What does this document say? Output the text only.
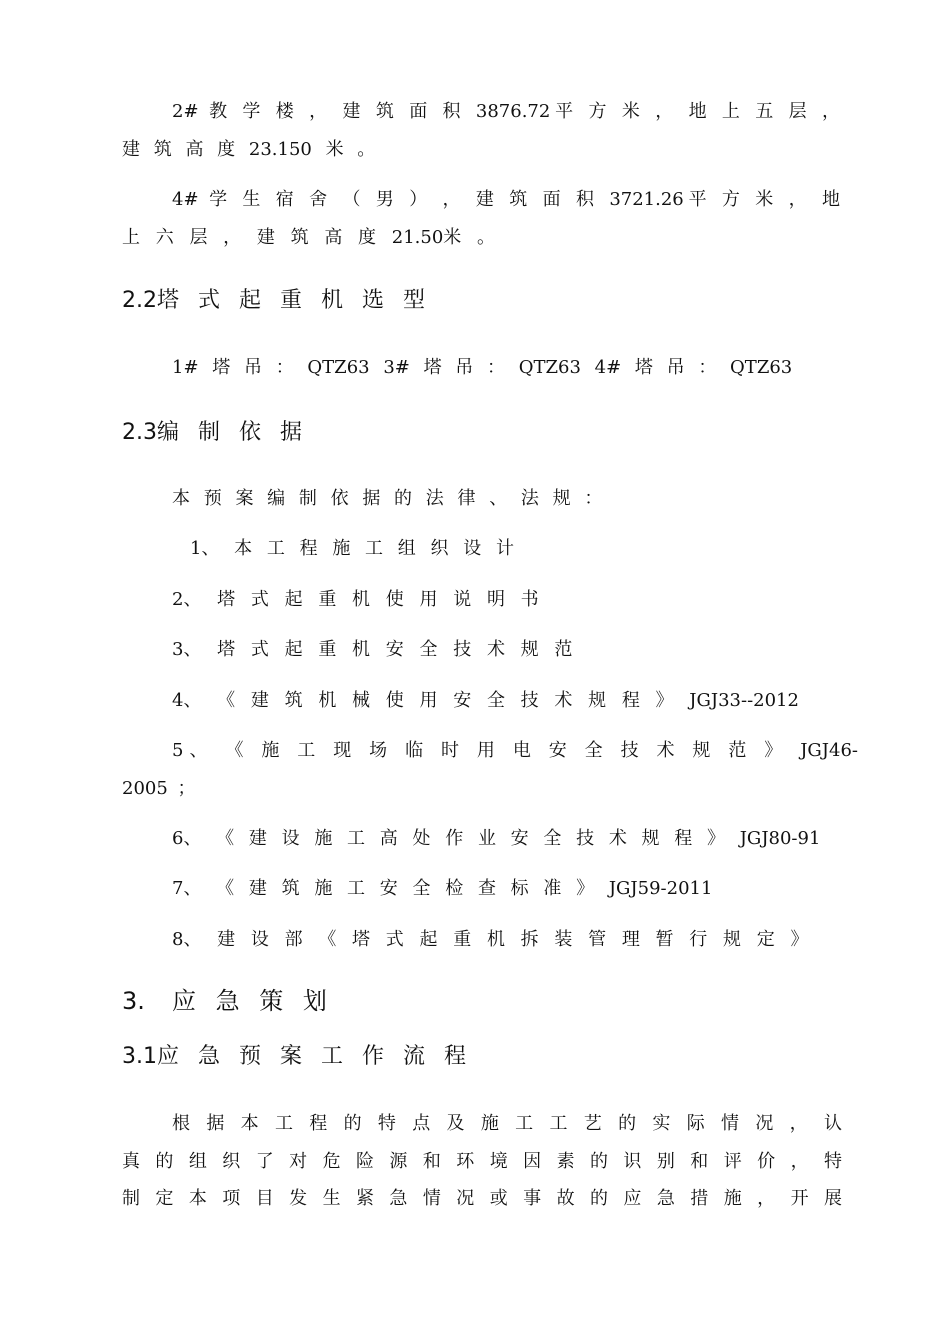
2# 教 学 楼 ， 建 筑 面 积 3876.72平 方 米 ， 地 上 五 层 ，
建 筑 高 度 23.150 米 。
4# 学 生 宿 舍 （ 男 ） ， 建 筑 面 积 3721.26平 方 米 ， 地
上 六 层 ， 建 筑 高 度 21.50米 。
2.2塔 式 起 重 机 选 型
1# 塔 吊 ： QTZ63 3# 塔 吊 ： QTZ63 4# 塔 吊 ： QTZ63
2.3编 制 依 据
本 预 案 编 制 依 据 的 法 律 、 法 规 ：
1、 本 工 程 施 工 组 织 设 计
2、 塔 式 起 重 机 使 用 说 明 书
3、 塔 式 起 重 机 安 全 技 术 规 范
4、 《 建 筑 机 械 使 用 安 全 技 术 规 程 》 JGJ33--2012
5、 《 施 工 现 场 临 时 用 电 安 全 技 术 规 范 》 JGJ46-
2005 ；
6、 《 建 设 施 工 高 处 作 业 安 全 技 术 规 程 》 JGJ80-91
7、 《 建 筑 施 工 安 全 检 查 标 准 》 JGJ59-2011
8、 建 设 部 《 塔 式 起 重 机 拆 装 管 理 暂 行 规 定 》
3. 应 急 策 划
3.1应 急 预 案 工 作 流 程
根 据 本 工 程 的 特 点 及 施 工 工 艺 的 实 际 情 况 ， 认
真 的 组 织 了 对 危 险 源 和 环 境 因 素 的 识 别 和 评 价 ， 特
制 定 本 项 目 发 生 紧 急 情 况 或 事 故 的 应 急 措 施 ， 开 展
